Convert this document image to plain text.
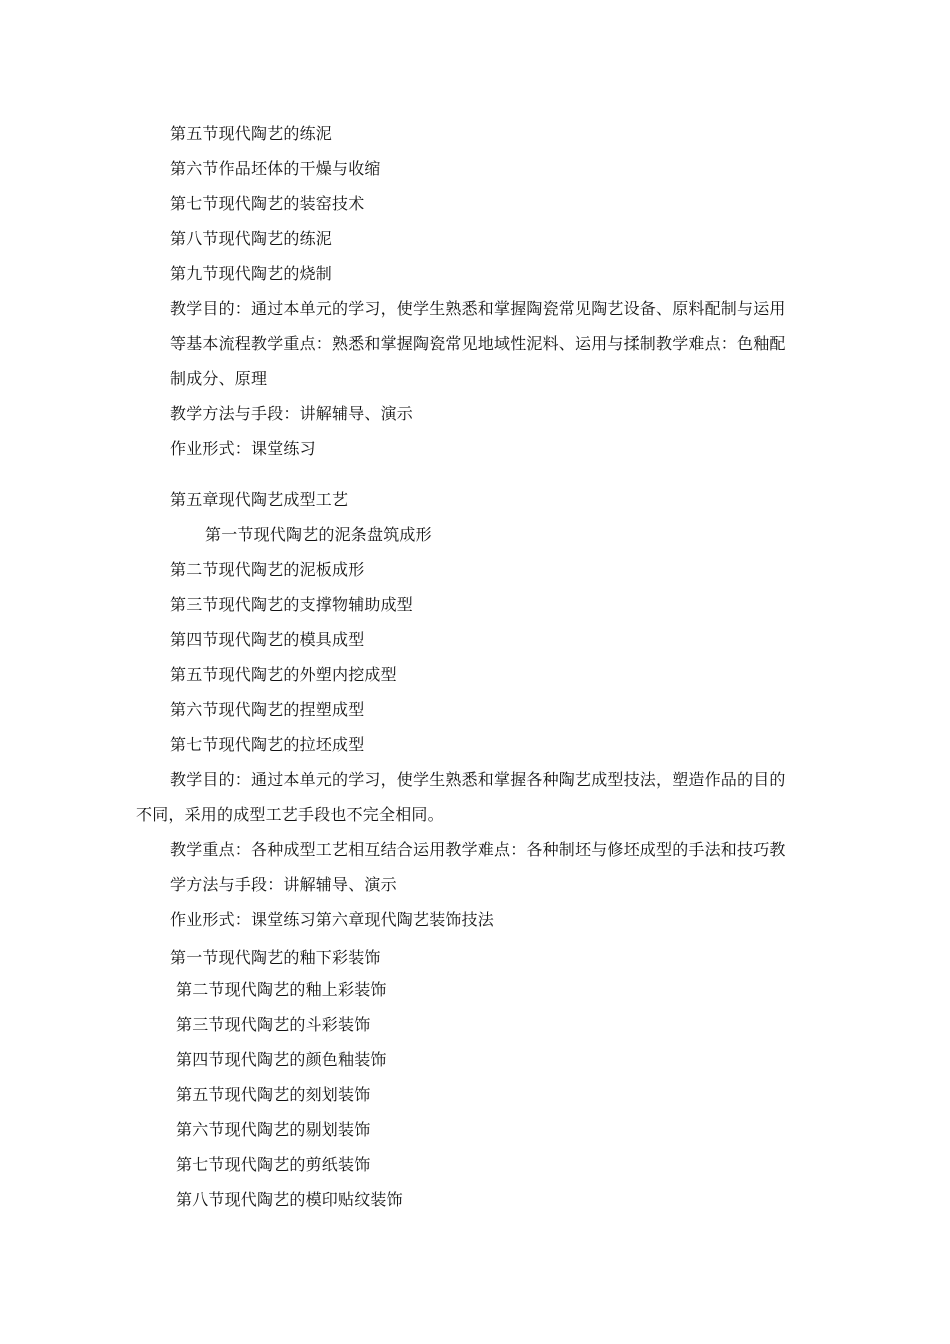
第五节现代陶艺的练泥
第六节作品坯体的干燥与收缩
第七节现代陶艺的装窑技术
第八节现代陶艺的练泥
第九节现代陶艺的烧制
教学目的：通过本单元的学习，使学生熟悉和掌握陶瓷常见陶艺设备、原料配制与运用
等基本流程教学重点：熟悉和掌握陶瓷常见地域性泥料、运用与揉制教学难点：色釉配
制成分、原理
教学方法与手段：讲解辅导、演示
作业形式：课堂练习
第五章现代陶艺成型工艺
第一节现代陶艺的泥条盘筑成形
第二节现代陶艺的泥板成形
第三节现代陶艺的支撑物辅助成型
第四节现代陶艺的模具成型
第五节现代陶艺的外塑内挖成型
第六节现代陶艺的捏塑成型
第七节现代陶艺的拉坯成型
教学目的：通过本单元的学习，使学生熟悉和掌握各种陶艺成型技法，塑造作品的目的
不同，采用的成型工艺手段也不完全相同。
教学重点：各种成型工艺相互结合运用教学难点：各种制坯与修坯成型的手法和技巧教
学方法与手段：讲解辅导、演示
作业形式：课堂练习第六章现代陶艺装饰技法
第一节现代陶艺的釉下彩装饰
第二节现代陶艺的釉上彩装饰
第三节现代陶艺的斗彩装饰
第四节现代陶艺的颜色釉装饰
第五节现代陶艺的刻划装饰
第六节现代陶艺的剔划装饰
第七节现代陶艺的剪纸装饰
第八节现代陶艺的模印贴纹装饰
